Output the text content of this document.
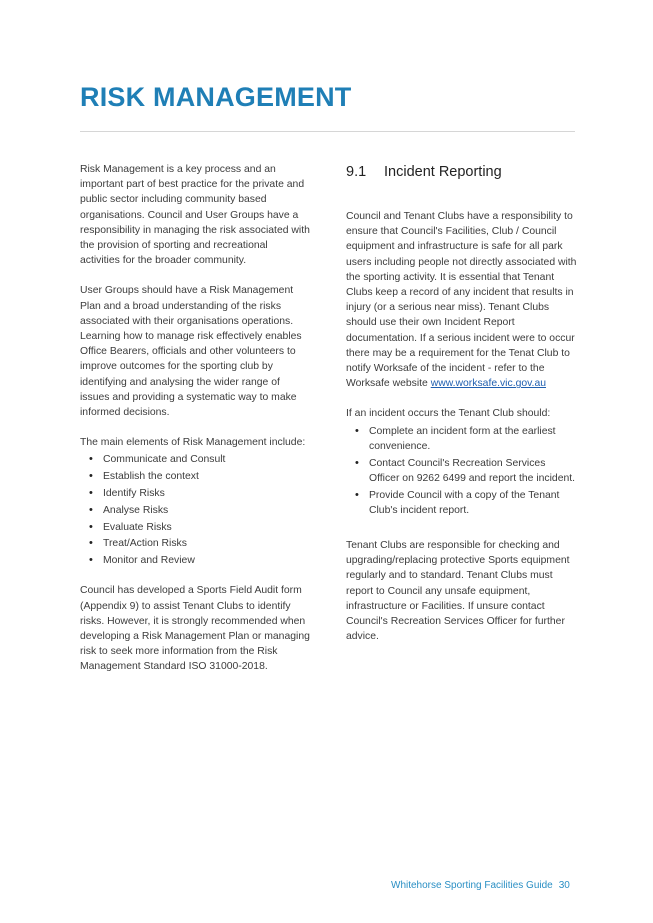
RISK MANAGEMENT

Risk Management is a key process and an important part of best practice for the private and public sector including community based organisations. Council and User Groups have a responsibility in managing the risk associated with the provision of sporting and recreational activities for the broader community.

User Groups should have a Risk Management Plan and a broad understanding of the risks associated with their organisations operations. Learning how to manage risk effectively enables Office Bearers, officials and other volunteers to improve outcomes for the sporting club by identifying and analysing the wider range of issues and providing a systematic way to make informed decisions.

The main elements of Risk Management include:

• Communicate and Consult
• Establish the context
• Identify Risks
• Analyse Risks
• Evaluate Risks
• Treat/Action Risks
• Monitor and Review

Council has developed a Sports Field Audit form (Appendix 9) to assist Tenant Clubs to identify risks. However, it is strongly recommended when developing a Risk Management Plan or managing risk to seek more information from the Risk Management Standard ISO 31000-2018.

9.1	Incident Reporting

Council and Tenant Clubs have a responsibility to ensure that Council's Facilities, Club / Council equipment and infrastructure is safe for all park users including people not directly associated with the sporting activity. It is essential that Tenant Clubs keep a record of any incident that results in injury (or a serious near miss). Tenant Clubs should use their own Incident Report documentation. If a serious incident were to occur there may be a requirement for the Tenat Club to notify Worksafe of the incident - refer to the Worksafe website www.worksafe.vic.gov.au

If an incident occurs the Tenant Club should:

• Complete an incident form at the earliest convenience.
• Contact Council's Recreation Services Officer on 9262 6499 and report the incident.
• Provide Council with a copy of the Tenant Club's incident report.

Tenant Clubs are responsible for checking and upgrading/replacing protective Sports equipment regularly and to standard. Tenant Clubs must report to Council any unsafe equipment, infrastructure or Facilities. If unsure contact Council's Recreation Services Officer for further advice.

Whitehorse Sporting Facilities Guide 30
